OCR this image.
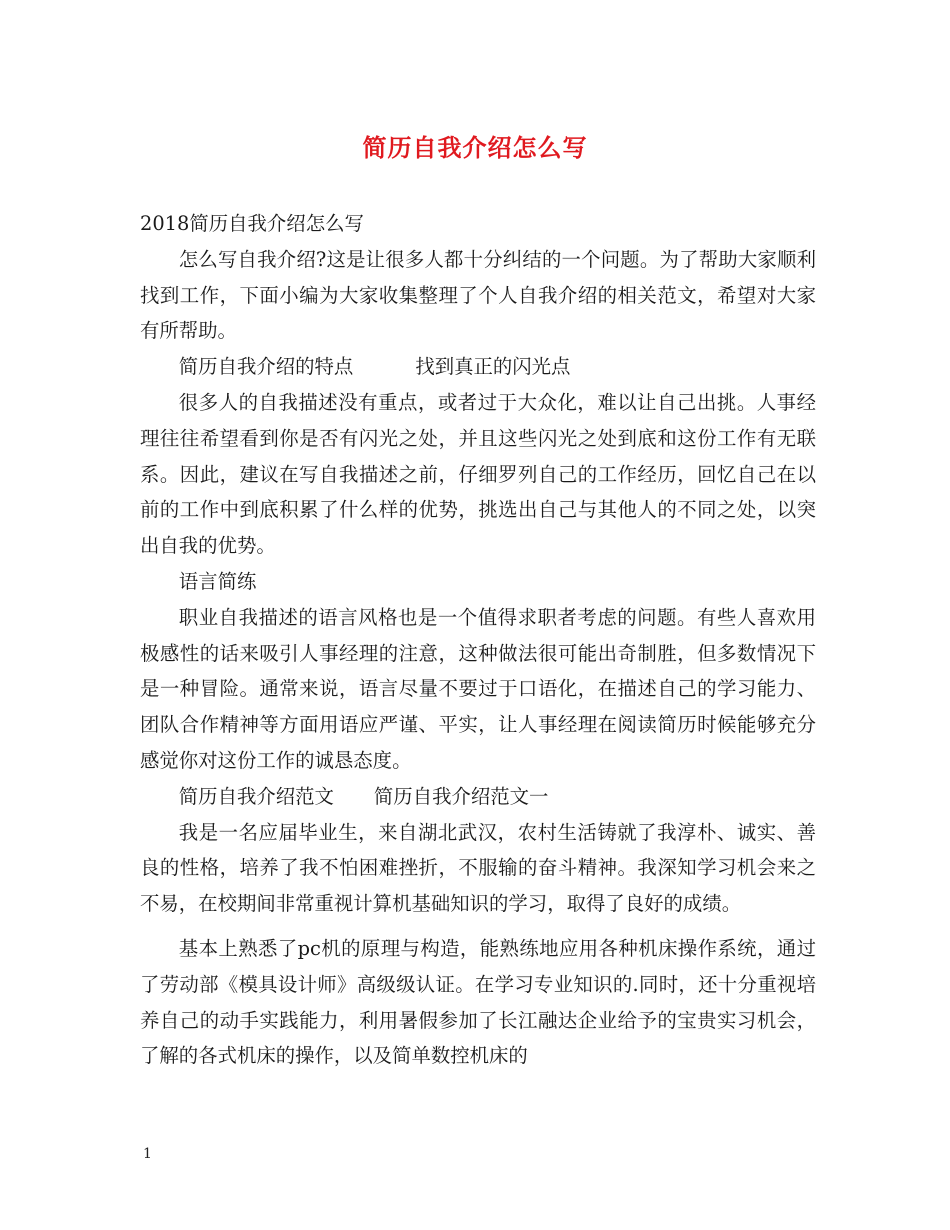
简历自我介绍怎么写

2018简历自我介绍怎么写

怎么写自我介绍?这是让很多人都十分纠结的一个问题。为了帮助大家顺利找到工作，下面小编为大家收集整理了个人自我介绍的相关范文，希望对大家有所帮助。

简历自我介绍的特点	找到真正的闪光点

很多人的自我描述没有重点，或者过于大众化，难以让自己出挑。人事经理往往希望看到你是否有闪光之处，并且这些闪光之处到底和这份工作有无联系。因此，建议在写自我描述之前，仔细罗列自己的工作经历，回忆自己在以前的工作中到底积累了什么样的优势，挑选出自己与其他人的不同之处，以突出自我的优势。

语言简练

职业自我描述的语言风格也是一个值得求职者考虑的问题。有些人喜欢用极感性的话来吸引人事经理的注意，这种做法很可能出奇制胜，但多数情况下是一种冒险。通常来说，语言尽量不要过于口语化，在描述自己的学习能力、团队合作精神等方面用语应严谨、平实，让人事经理在阅读简历时候能够充分感觉你对这份工作的诚恳态度。

简历自我介绍范文 简历自我介绍范文一

我是一名应届毕业生，来自湖北武汉，农村生活铸就了我淳朴、诚实、善良的性格，培养了我不怕困难挫折，不服输的奋斗精神。我深知学习机会来之不易，在校期间非常重视计算机基础知识的学习，取得了良好的成绩。

基本上熟悉了pc机的原理与构造，能熟练地应用各种机床操作系统，通过了劳动部《模具设计师》高级级认证。在学习专业知识的.同时，还十分重视培养自己的动手实践能力，利用暑假参加了长江融达企业给予的宝贵实习机会，了解的各式机床的操作，以及简单数控机床的

1
